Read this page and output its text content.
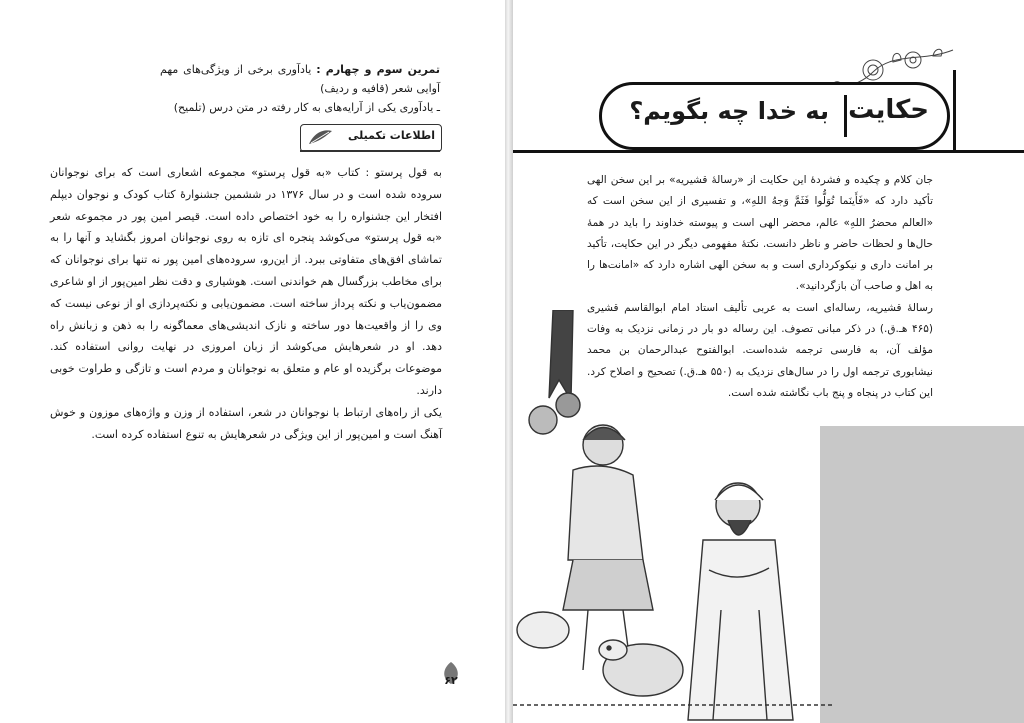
تمرین سوم و چهارم : یادآوری برخی از ویژگی‌های مهم آوایی شعر (قافیه و ردیف)
ـ یادآوری یکی از آرایه‌های به کار رفته در متن درس (تلمیح)
اطلاعات تکمیلی

به قول پرستو : کتاب «به قول پرستو» مجموعه اشعاری است که برای نوجوانان سروده شده است و در سال ۱۳۷۶ در ششمین جشنوارهٔ کتاب کودک و نوجوان دیپلم افتخار این جشنواره را به خود اختصاص داده است. قیصر امین پور در مجموعه شعر «به قول پرستو» می‌کوشد پنجره ای تازه به روی نوجوانان امروز بگشاید و آنها را به تماشای افق‌های متفاوتی ببرد. از این‌رو، سروده‌های امین پور نه تنها برای نوجوانان که برای مخاطب بزرگسال هم خواندنی است. هوشیاری و دقت نظر امین‌پور از او شاعری مضمون‌یاب و نکته پرداز ساخته است. مضمون‌یابی و نکته‌پردازی او از نوعی نیست که وی را از واقعیت‌ها دور ساخته و نازک اندیشی‌های معماگونه را به ذهن و زبانش راه دهد. او در شعرهایش می‌کوشد از زبان امروزی در نهایت روانی استفاده کند. موضوعات برگزیده او عام و متعلق به نوجوانان و مردم است و تازگی و طراوت خوبی دارند.

یکی از راه‌های ارتباط با نوجوانان در شعر، استفاده از وزن و واژه‌های موزون و خوش آهنگ است و امین‌پور از این ویژگی در شعرهایش به تنوع استفاده کرده است.

۶۲
حکایت
به خدا چه بگویم؟

جان کلام و چکیده و فشردهٔ این حکایت از «رسالهٔ قشیریه» بر این سخن الهی تأکید دارد که «فَأَینَما تُوَلُّوا فَثَمَّ وَجهُ اللهِ»، و تفسیری از این سخن است که «العالم محضرُ اللهِ» عالم، محضر الهی است و پیوسته خداوند را باید در همهٔ حال‌ها و لحظات حاضر و ناظر دانست. نکتهٔ مفهومی دیگر در این حکایت، تأکید بر امانت داری و نیکوکرداری است و به سخن الهی اشاره دارد که «امانت‌ها را به اهل و صاحب آن بازگردانید».

رسالهٔ قشیریه، رساله‌ای است به عربی تألیف استاد امام ابوالقاسم قشیری (۴۶۵ هـ.ق.) در ذکر مبانی تصوف. این رساله دو بار در زمانی نزدیک به وفات مؤلف آن، به فارسی ترجمه شده‌است. ابوالفتوح عبدالرحمان بن محمد نیشابوری ترجمه اول را در سال‌های نزدیک به (۵۵۰ هـ.ق.) تصحیح و اصلاح کرد. این کتاب در پنجاه و پنج باب نگاشته شده است.
